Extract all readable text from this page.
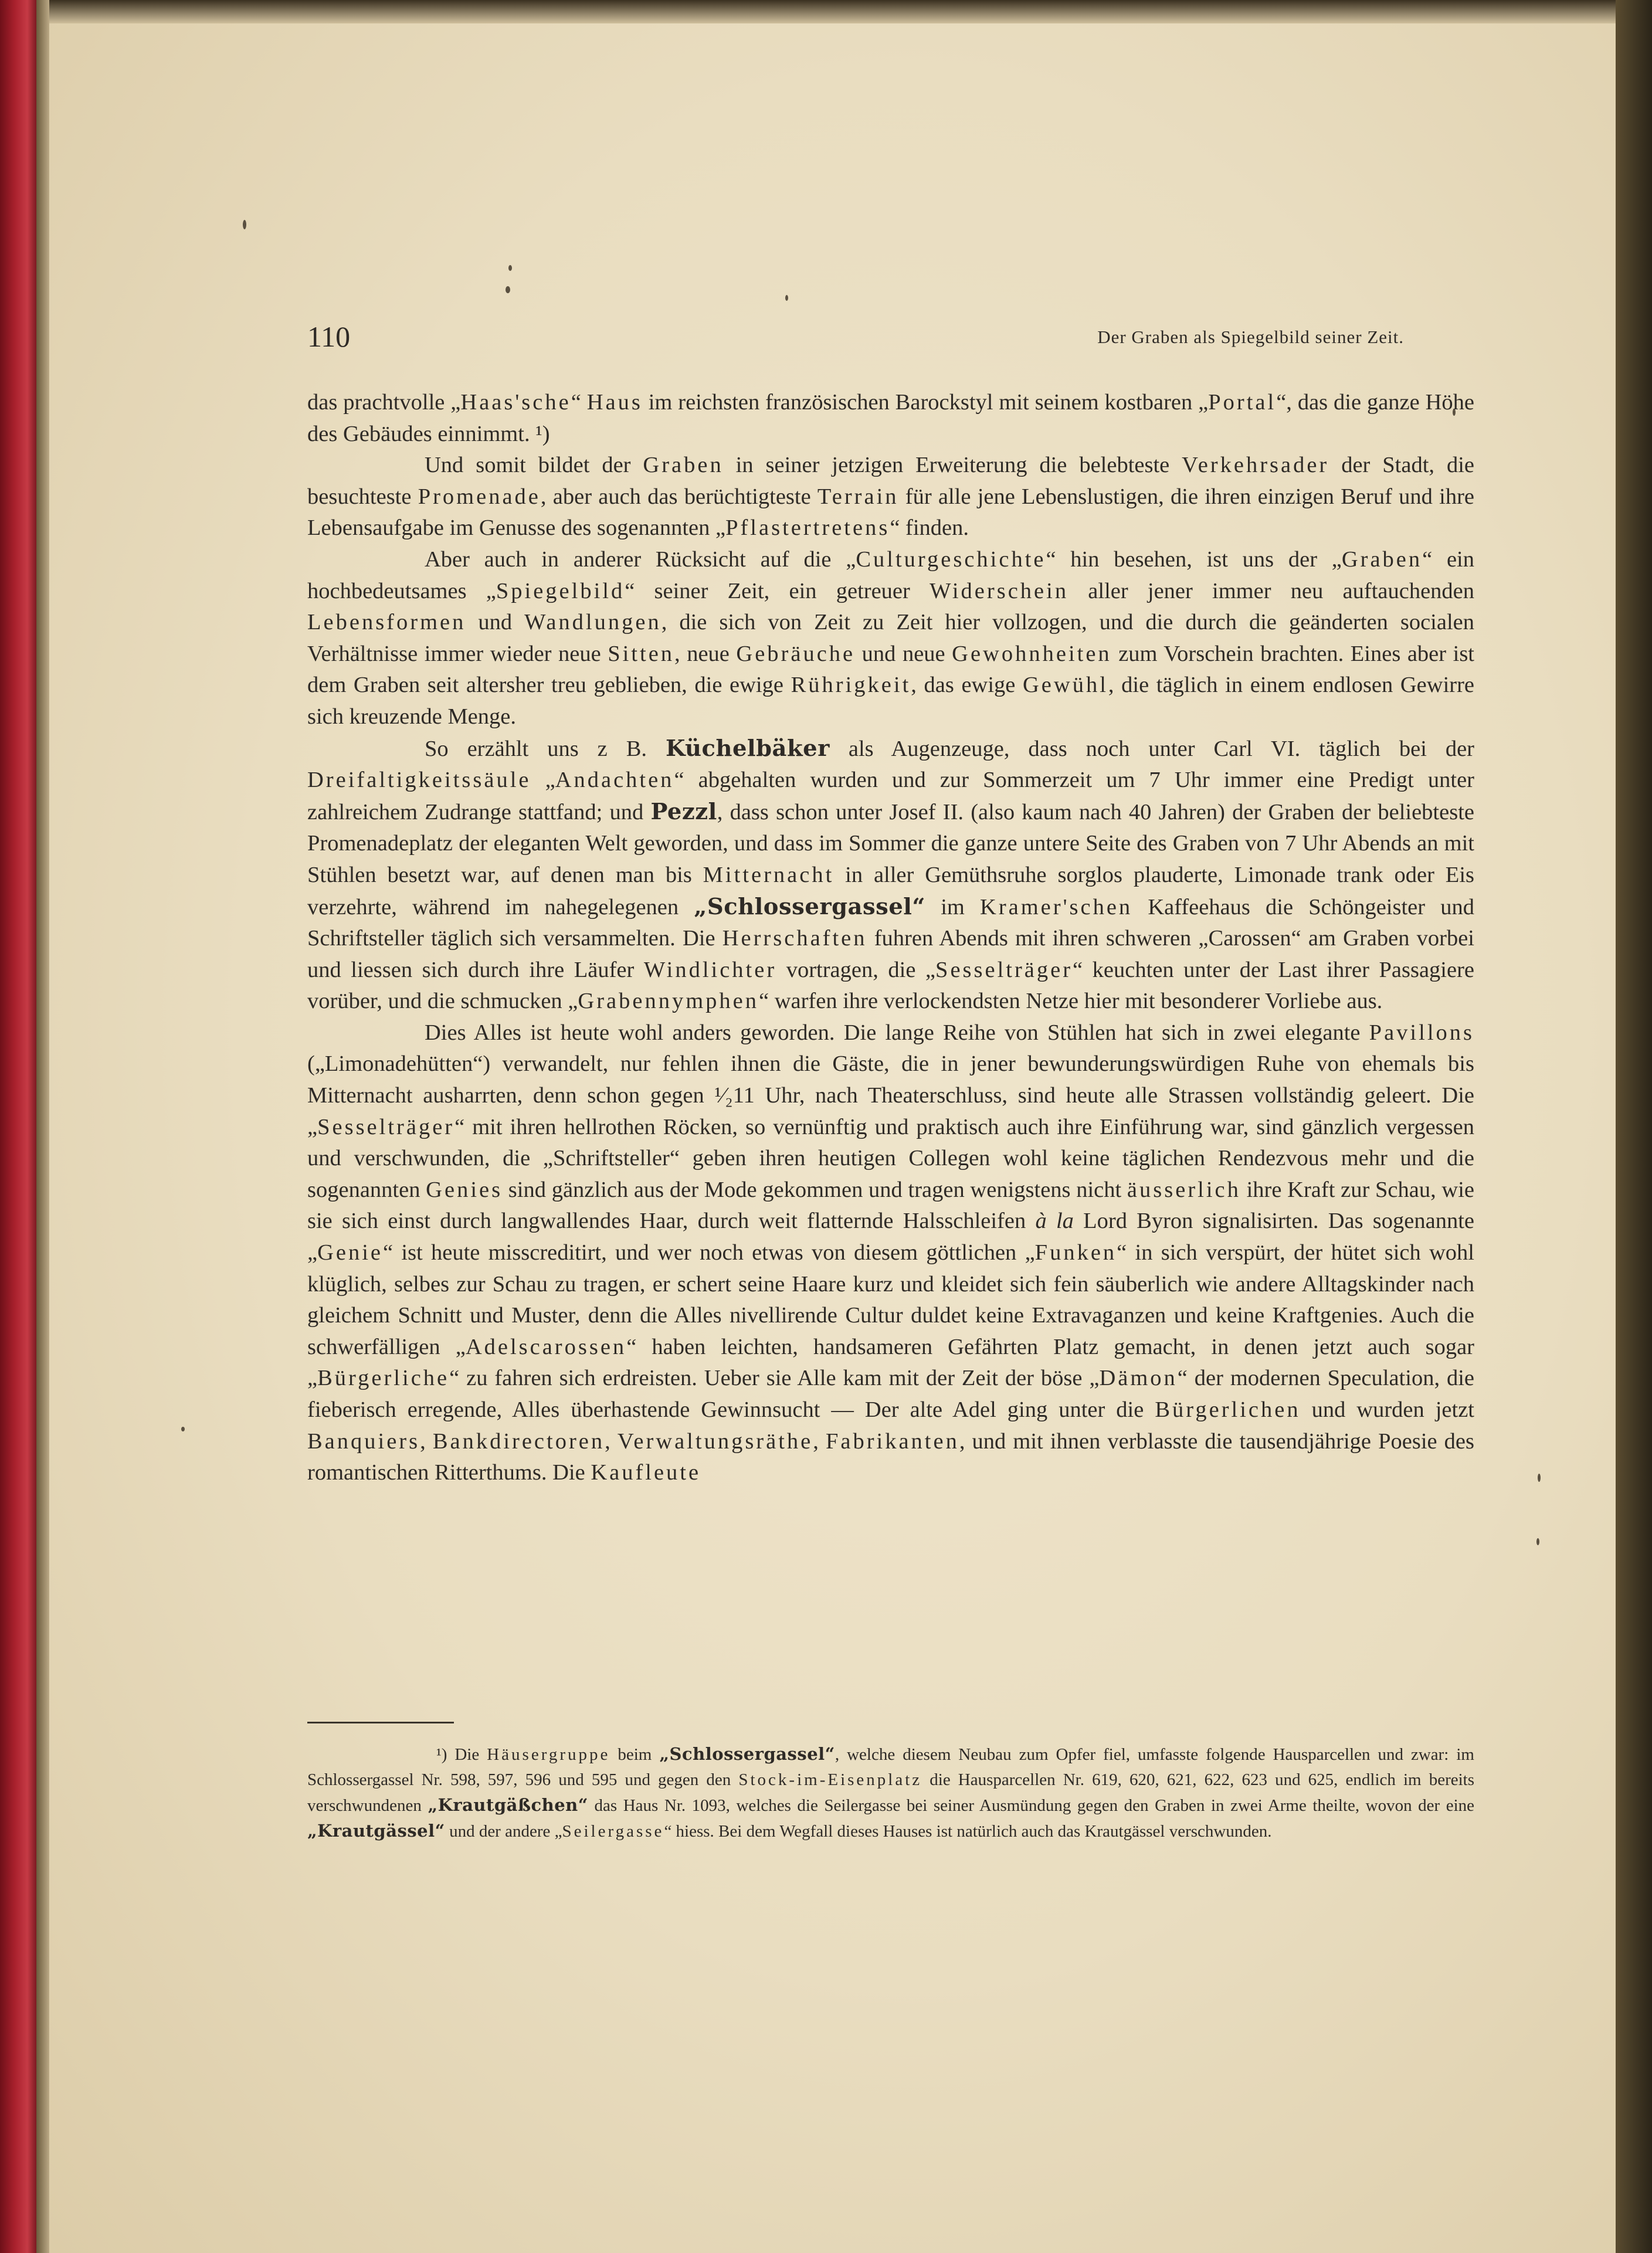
110	Der Graben als Spiegelbild seiner Zeit.

das prachtvolle „Haas'sche“ Haus im reichsten französischen Barockstyl mit seinem kostbaren „Portal“, das die ganze Höhe des Gebäudes einnimmt. ¹)

Und somit bildet der Graben in seiner jetzigen Erweiterung die belebteste Verkehrsader der Stadt, die besuchteste Promenade, aber auch das berüchtigteste Terrain für alle jene Lebenslustigen, die ihren einzigen Beruf und ihre Lebensaufgabe im Genusse des sogenannten „Pflastertretens“ finden.

Aber auch in anderer Rücksicht auf die „Culturgeschichte“ hin besehen, ist uns der „Graben“ ein hochbedeutsames „Spiegelbild“ seiner Zeit, ein getreuer Widerschein aller jener immer neu auftauchenden Lebensformen und Wandlungen, die sich von Zeit zu Zeit hier vollzogen, und die durch die geänderten socialen Verhältnisse immer wieder neue Sitten, neue Gebräuche und neue Gewohnheiten zum Vorschein brachten. Eines aber ist dem Graben seit altersher treu geblieben, die ewige Rührigkeit, das ewige Gewühl, die täglich in einem endlosen Gewirre sich kreuzende Menge.

So erzählt uns z B. Küchelbäker als Augenzeuge, dass noch unter Carl VI. täglich bei der Dreifaltigkeitssäule „Andachten“ abgehalten wurden und zur Sommerzeit um 7 Uhr immer eine Predigt unter zahlreichem Zudrange stattfand; und Pezzl, dass schon unter Josef II. (also kaum nach 40 Jahren) der Graben der beliebteste Promenadeplatz der eleganten Welt geworden, und dass im Sommer die ganze untere Seite des Graben von 7 Uhr Abends an mit Stühlen besetzt war, auf denen man bis Mitternacht in aller Gemüthsruhe sorglos plauderte, Limonade trank oder Eis verzehrte, während im nahegelegenen „Schlossergassel“ im Kramer'schen Kaffeehaus die Schöngeister und Schriftsteller täglich sich versammelten. Die Herrschaften fuhren Abends mit ihren schweren „Carossen“ am Graben vorbei und liessen sich durch ihre Läufer Windlichter vortragen, die „Sesselträger“ keuchten unter der Last ihrer Passagiere vorüber, und die schmucken „Grabennymphen“ warfen ihre verlockendsten Netze hier mit besonderer Vorliebe aus.

Dies Alles ist heute wohl anders geworden. Die lange Reihe von Stühlen hat sich in zwei elegante Pavillons („Limonadehütten“) verwandelt, nur fehlen ihnen die Gäste, die in jener bewunderungswürdigen Ruhe von ehemals bis Mitternacht ausharrten, denn schon gegen ¹⁄₂11 Uhr, nach Theaterschluss, sind heute alle Strassen vollständig geleert. Die „Sesselträger“ mit ihren hellrothen Röcken, so vernünftig und praktisch auch ihre Einführung war, sind gänzlich vergessen und verschwunden, die „Schriftsteller“ geben ihren heutigen Collegen wohl keine täglichen Rendezvous mehr und die sogenannten Genies sind gänzlich aus der Mode gekommen und tragen wenigstens nicht äusserlich ihre Kraft zur Schau, wie sie sich einst durch langwallendes Haar, durch weit flatternde Halsschleifen à la Lord Byron signalisirten. Das sogenannte „Genie“ ist heute misscreditirt, und wer noch etwas von diesem göttlichen „Funken“ in sich verspürt, der hütet sich wohl klüglich, selbes zur Schau zu tragen, er schert seine Haare kurz und kleidet sich fein säuberlich wie andere Alltagskinder nach gleichem Schnitt und Muster, denn die Alles nivellirende Cultur duldet keine Extravaganzen und keine Kraftgenies. Auch die schwerfälligen „Adelscarossen“ haben leichten, handsameren Gefährten Platz gemacht, in denen jetzt auch sogar „Bürgerliche“ zu fahren sich erdreisten. Ueber sie Alle kam mit der Zeit der böse „Dämon“ der modernen Speculation, die fieberisch erregende, Alles überhastende Gewinnsucht — Der alte Adel ging unter die Bürgerlichen und wurden jetzt Banquiers, Bankdirectoren, Verwaltungsräthe, Fabrikanten, und mit ihnen verblasste die tausendjährige Poesie des romantischen Ritterthums. Die Kaufleute

¹) Die Häusergruppe beim „Schlossergassel“, welche diesem Neubau zum Opfer fiel, umfasste folgende Hausparcellen und zwar: im Schlossergassel Nr. 598, 597, 596 und 595 und gegen den Stock-im-Eisenplatz die Hausparcellen Nr. 619, 620, 621, 622, 623 und 625, endlich im bereits verschwundenen „Krautgäßchen“ das Haus Nr. 1093, welches die Seilergasse bei seiner Ausmündung gegen den Graben in zwei Arme theilte, wovon der eine „Krautgässel“ und der andere „Seilergasse“ hiess. Bei dem Wegfall dieses Hauses ist natürlich auch das Krautgässel verschwunden.
